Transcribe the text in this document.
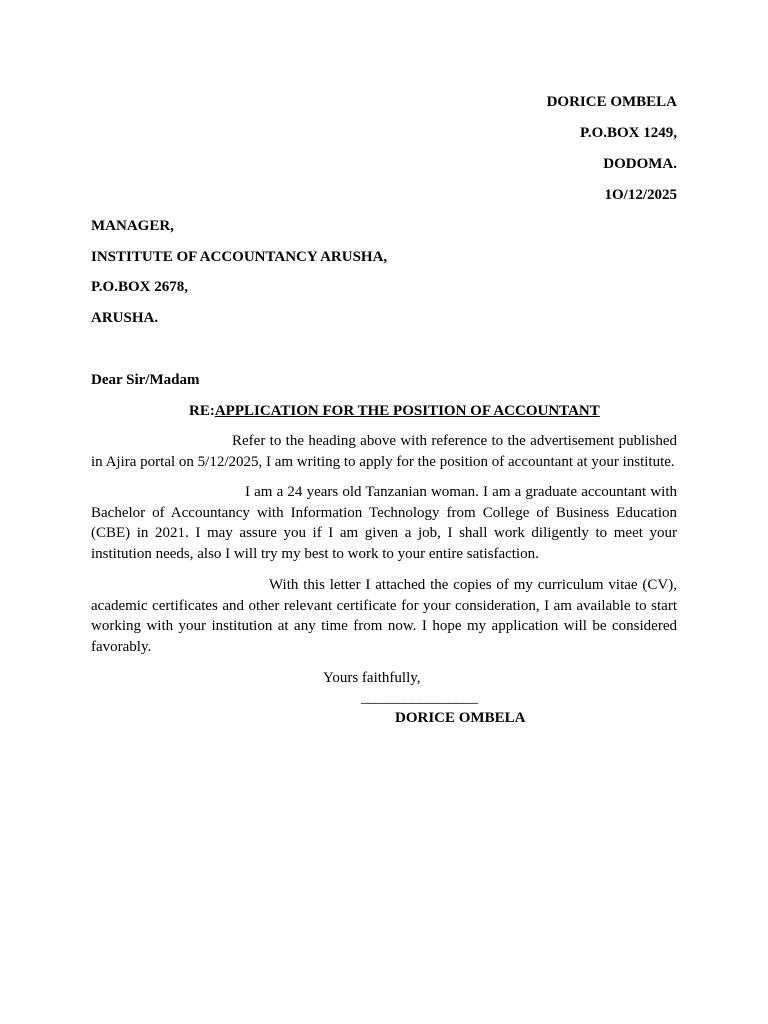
DORICE OMBELA
P.O.BOX 1249,
DODOMA.
1O/12/2025
MANAGER,
INSTITUTE OF ACCOUNTANCY ARUSHA,
P.O.BOX 2678,
ARUSHA.
Dear Sir/Madam
RE:APPLICATION FOR THE POSITION OF ACCOUNTANT
Refer to the heading above with reference to the advertisement published in Ajira portal on 5/12/2025, I am writing to apply for the position of accountant at your institute.
I am a 24 years old Tanzanian woman. I am a graduate accountant with Bachelor of Accountancy with Information Technology from College of Business Education (CBE) in 2021. I may assure you if I am given a job, I shall work diligently to meet your institution needs, also I will try my best to work to your entire satisfaction.
With this letter I attached the copies of my curriculum vitae (CV), academic certificates and other relevant certificate for your consideration, I am available to start working with your institution at any time from now. I hope my application will be considered favorably.
Yours faithfully,
________________
DORICE OMBELA
